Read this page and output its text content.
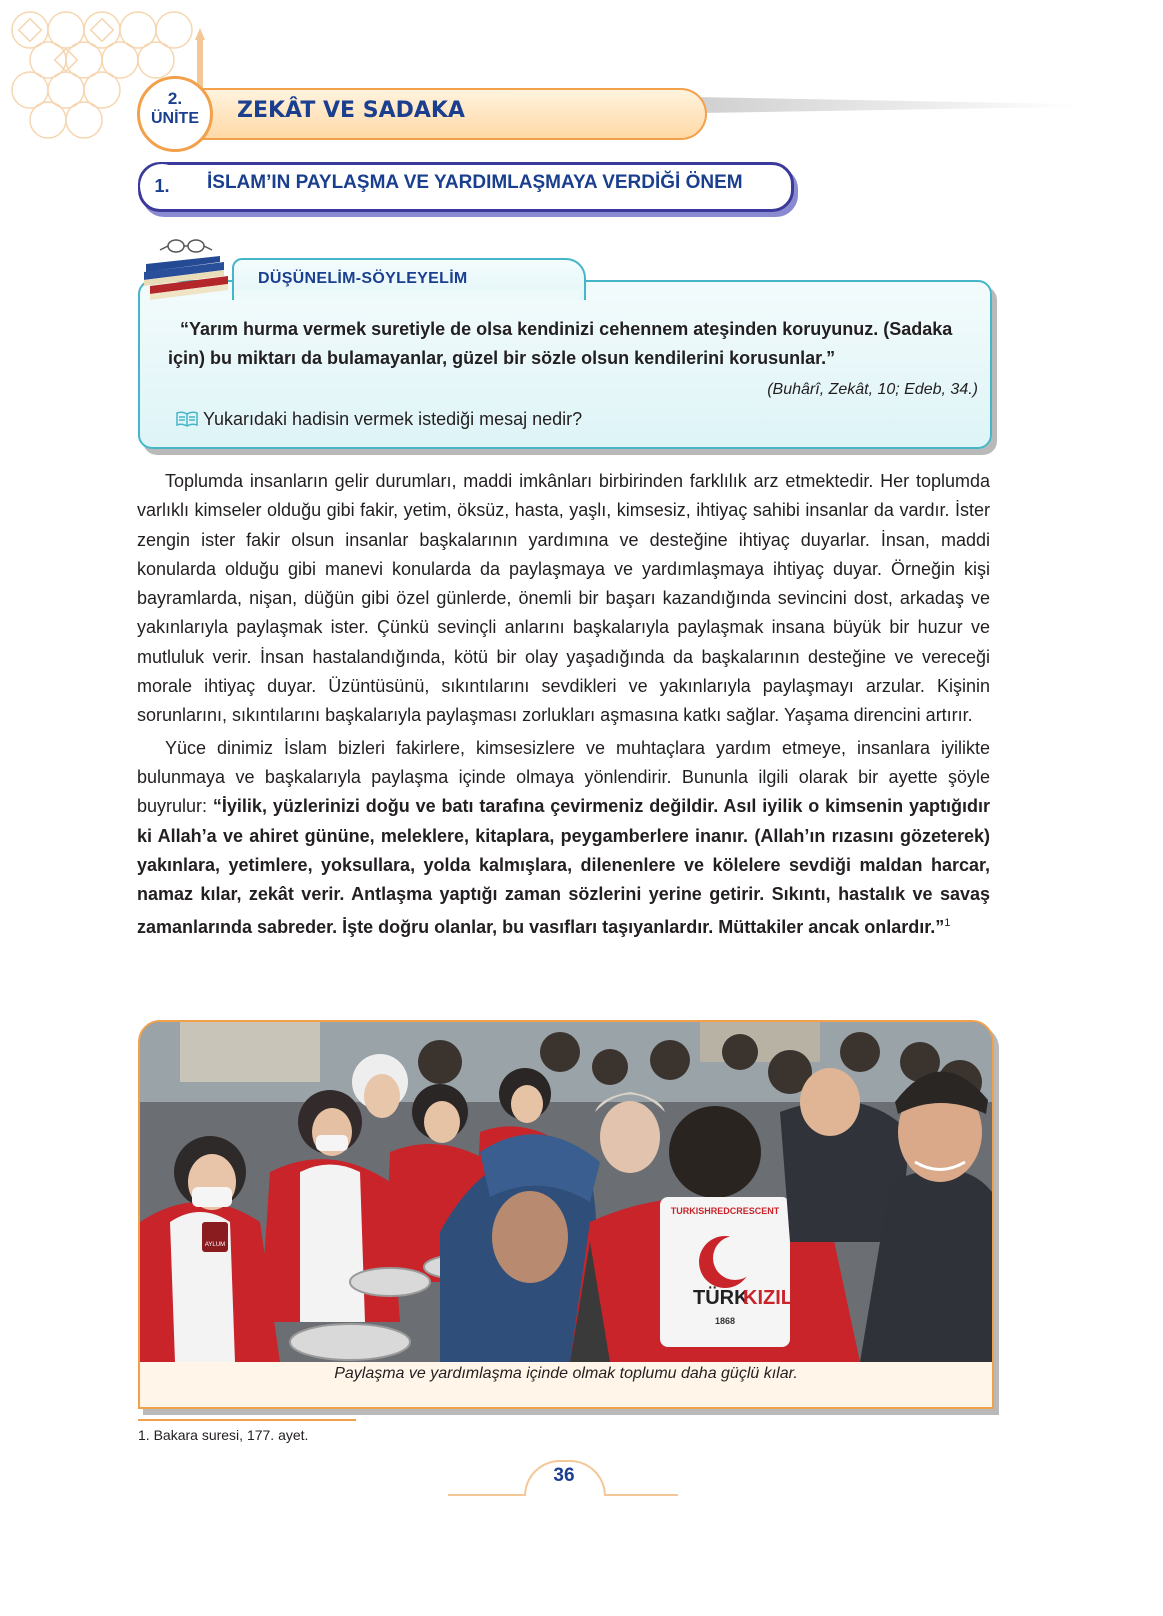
2.
ÜNİTE	ZEKÂT VE SADAKA
1.	İSLAM’IN PAYLAŞMA VE YARDIMLAŞMAYA VERDİĞİ ÖNEM
DÜŞÜNELİM-SÖYLEYELİM
“Yarım hurma vermek suretiyle de olsa kendinizi cehennem ateşinden koruyunuz. (Sadaka için) bu miktarı da bulamayanlar, güzel bir sözle olsun kendilerini korusunlar.”
(Buhârî, Zekât, 10; Edeb, 34.)
Yukarıdaki hadisin vermek istediği mesaj nedir?

Toplumda insanların gelir durumları, maddi imkânları birbirinden farklılık arz etmektedir. Her toplumda varlıklı kimseler olduğu gibi fakir, yetim, öksüz, hasta, yaşlı, kimsesiz, ihtiyaç sahibi insanlar da vardır. İster zengin ister fakir olsun insanlar başkalarının yardımına ve desteğine ihtiyaç duyarlar. İnsan, maddi konularda olduğu gibi manevi konularda da paylaşmaya ve yardımlaşmaya ihtiyaç duyar. Örneğin kişi bayramlarda, nişan, düğün gibi özel günlerde, önemli bir başarı kazandığında sevincini dost, arkadaş ve yakınlarıyla paylaşmak ister. Çünkü sevinçli anlarını başkalarıyla paylaşmak insana büyük bir huzur ve mutluluk verir. İnsan hastalandığında, kötü bir olay yaşadığında da başkalarının desteğine ve vereceği morale ihtiyaç duyar. Üzüntüsünü, sıkıntılarını sevdikleri ve yakınlarıyla paylaşmayı arzular. Kişinin sorunlarını, sıkıntılarını başkalarıyla paylaşması zorlukları aşmasına katkı sağlar. Yaşama direncini artırır.

Yüce dinimiz İslam bizleri fakirlere, kimsesizlere ve muhtaçlara yardım etmeye, insanlara iyilikte bulunmaya ve başkalarıyla paylaşma içinde olmaya yönlendirir. Bununla ilgili olarak bir ayette şöyle buyrulur: “İyilik, yüzlerinizi doğu ve batı tarafına çevirmeniz değildir. Asıl iyilik o kimsenin yaptığıdır ki Allah’a ve ahiret gününe, meleklere, kitaplara, peygamberlere inanır. (Allah’ın rızasını gözeterek) yakınlara, yetimlere, yoksullara, yolda kalmışlara, dilenenlere ve kölelere sevdiği maldan harcar, namaz kılar, zekât verir. Antlaşma yaptığı zaman sözlerini yerine getirir. Sıkıntı, hastalık ve savaş zamanlarında sabreder. İşte doğru olanlar, bu vasıfları taşıyanlardır. Müttakiler ancak onlardır.”$^1$

TURKISHREDCRESCENT
TÜRK
KIZILAYI
1868
AYLUM
Paylaşma ve yardımlaşma içinde olmak toplumu daha güçlü kılar.
1. Bakara suresi, 177. ayet.
36
